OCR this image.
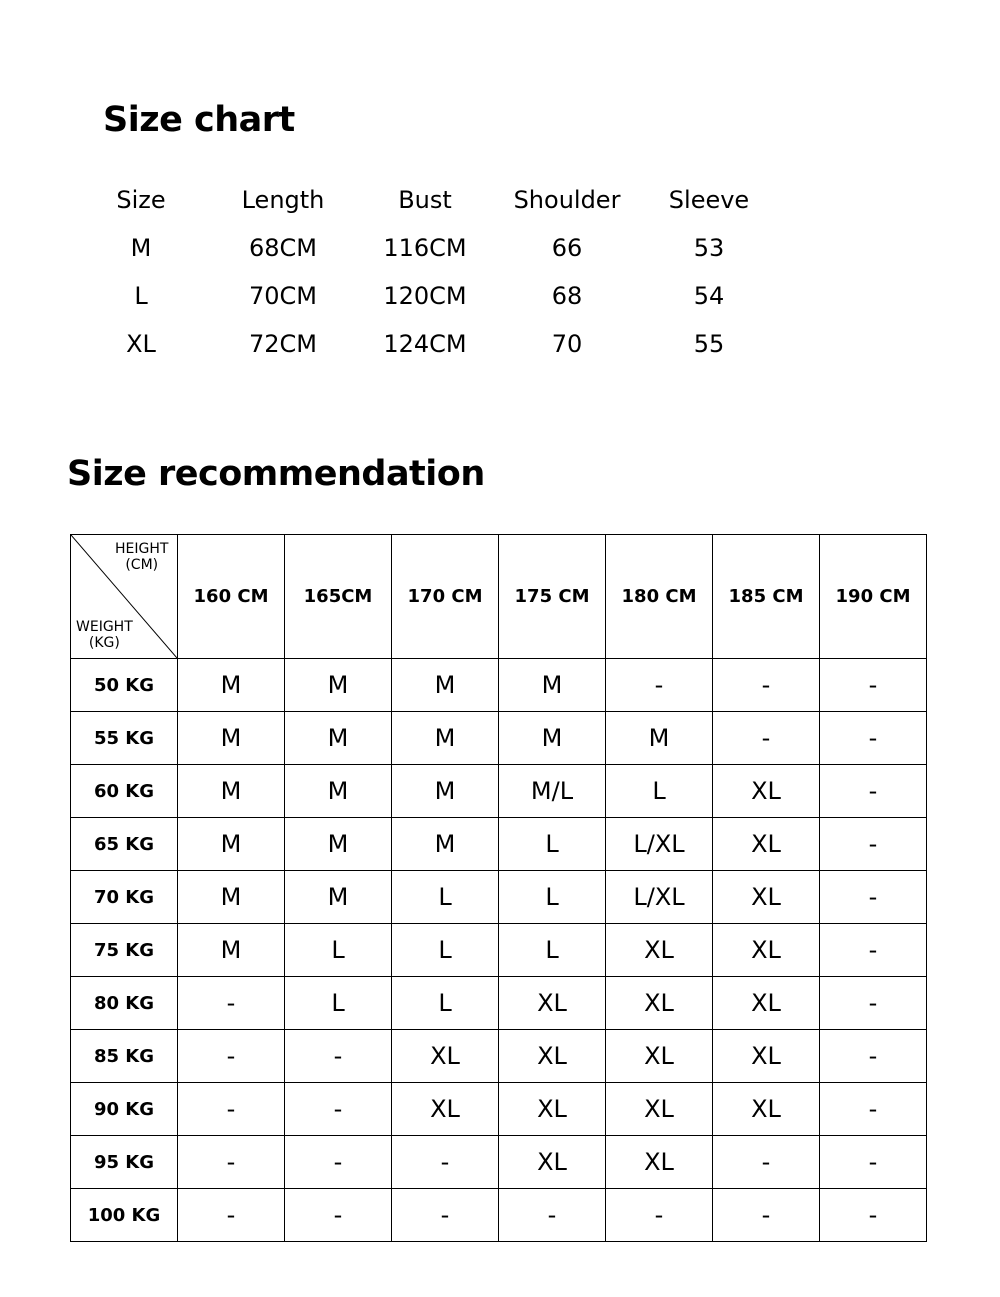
Size chart
Size	Length	Bust	Shoulder	Sleeve
M	68CM	116CM	66	53
L	70CM	120CM	68	54
XL	72CM	124CM	70	55
Size recommendation
HEIGHT
(CM)
WEIGHT
(KG)	160 CM	165CM	170 CM	175 CM	180 CM	185 CM	190 CM
50 KG	M	M	M	M	-	-	-
55 KG	M	M	M	M	M	-	-
60 KG	M	M	M	M/L	L	XL	-
65 KG	M	M	M	L	L/XL	XL	-
70 KG	M	M	L	L	L/XL	XL	-
75 KG	M	L	L	L	XL	XL	-
80 KG	-	L	L	XL	XL	XL	-
85 KG	-	-	XL	XL	XL	XL	-
90 KG	-	-	XL	XL	XL	XL	-
95 KG	-	-	-	XL	XL	-	-
100 KG	-	-	-	-	-	-	-
